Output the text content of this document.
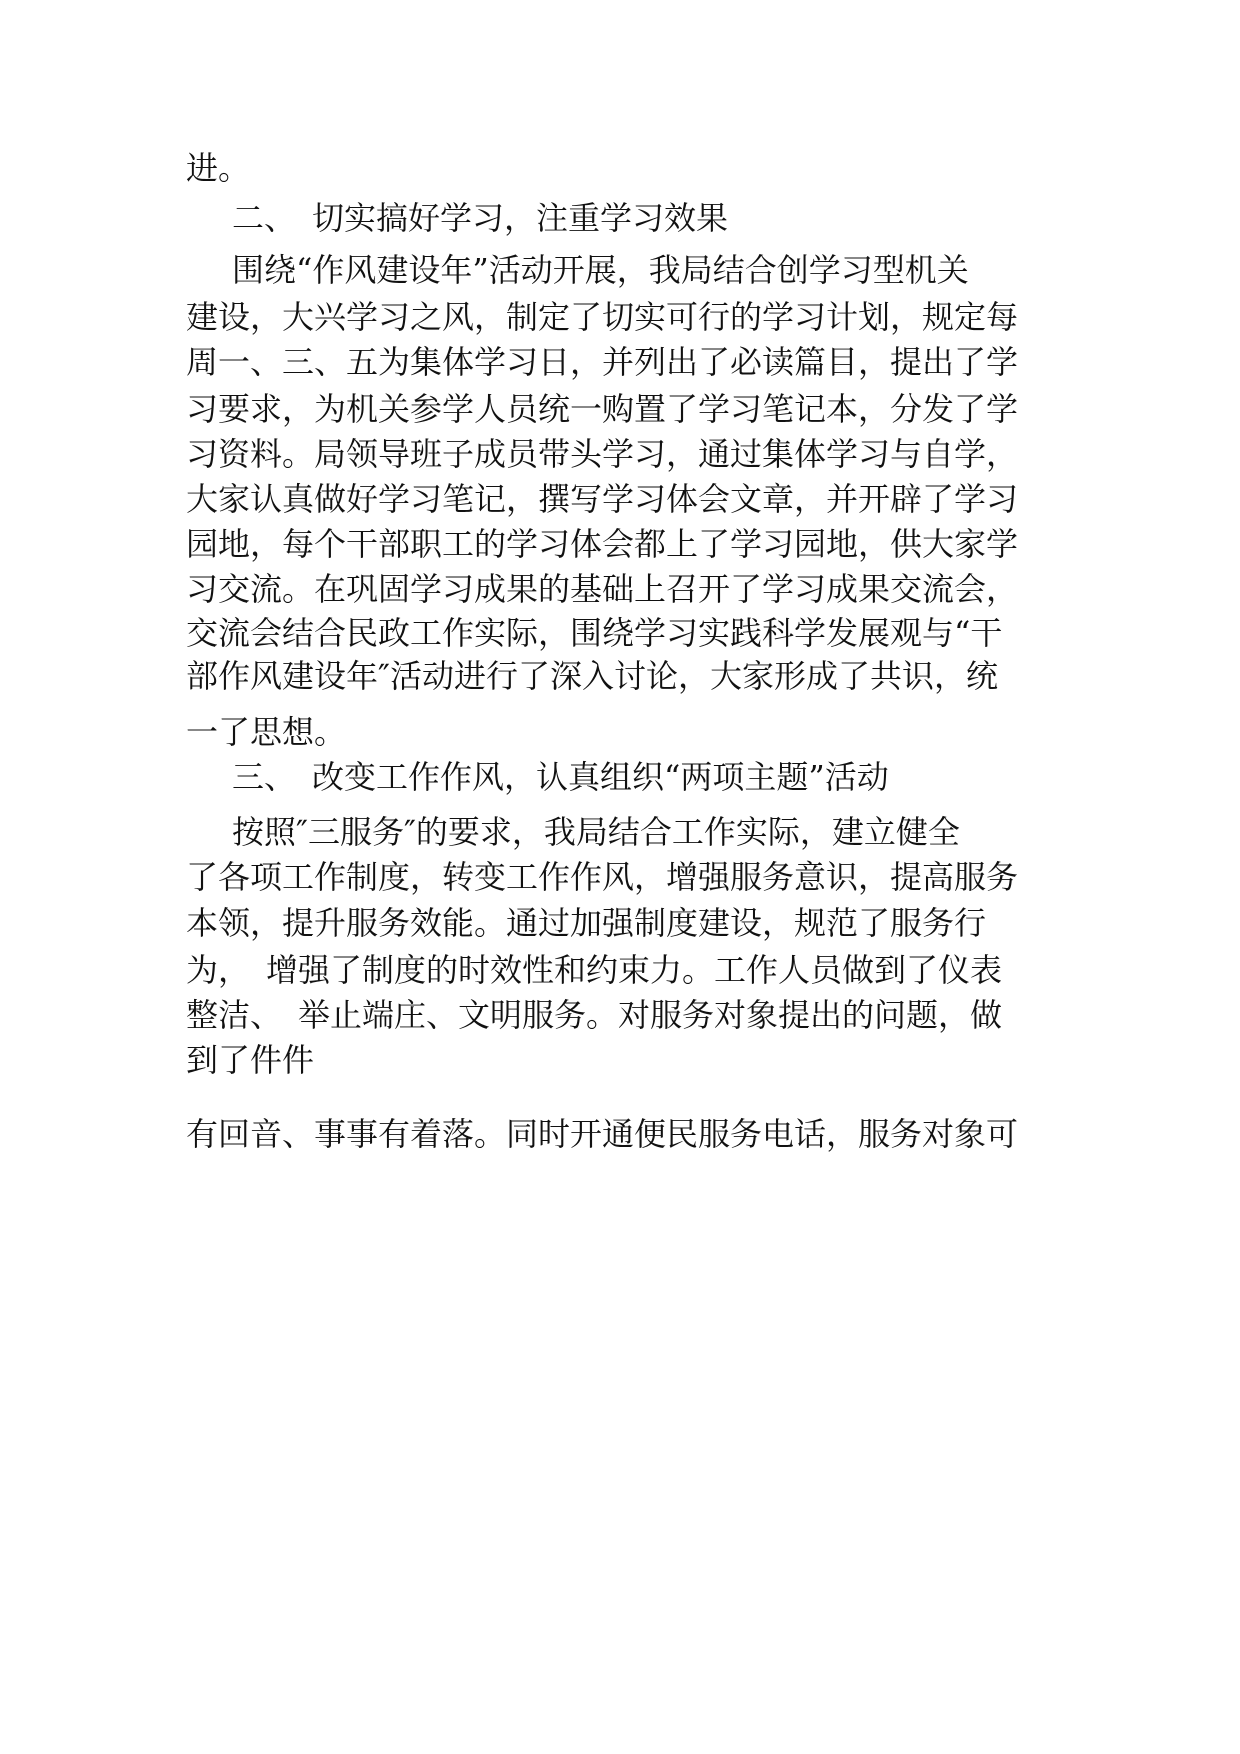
进。
二、　切实搞好学习，注重学习效果
围绕“作风建设年”活动开展，我局结合创学习型机关
建设，大兴学习之风，制定了切实可行的学习计划，规定每
周一、三、五为集体学习日，并列出了必读篇目，提出了学
习要求，为机关参学人员统一购置了学习笔记本，分发了学
习资料。局领导班子成员带头学习，通过集体学习与自学，
大家认真做好学习笔记，撰写学习体会文章，并开辟了学习
园地，每个干部职工的学习体会都上了学习园地，供大家学
习交流。在巩固学习成果的基础上召开了学习成果交流会，
交流会结合民政工作实际，围绕学习实践科学发展观与“干
部作风建设年″活动进行了深入讨论，大家形成了共识，统
一了思想。
三、　改变工作作风，认真组织“两项主题”活动
按照″三服务″的要求，我局结合工作实际，建立健全
了各项工作制度，转变工作作风，增强服务意识，提高服务
本领，提升服务效能。通过加强制度建设，规范了服务行
为，　增强了制度的时效性和约束力。工作人员做到了仪表
整洁、　举止端庄、文明服务。对服务对象提出的问题，做
到了件件
有回音、事事有着落。同时开通便民服务电话，服务对象可
